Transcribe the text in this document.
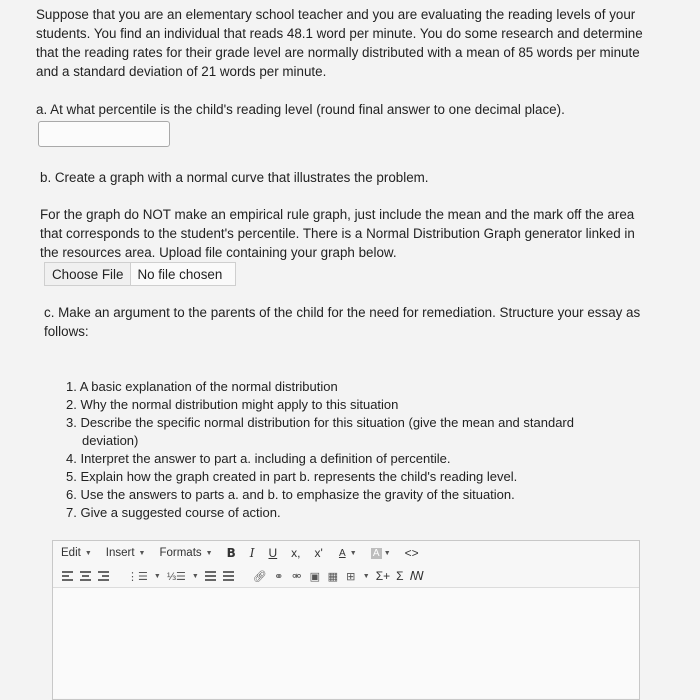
Suppose that you are an elementary school teacher and you are evaluating the reading levels of your students. You find an individual that reads 48.1 word per minute. You do some research and determine that the reading rates for their grade level are normally distributed with a mean of 85 words per minute and a standard deviation of 21 words per minute.

a. At what percentile is the child's reading level (round final answer to one decimal place).

b. Create a graph with a normal curve that illustrates the problem.

For the graph do NOT make an empirical rule graph, just include the mean and the mark off the area that corresponds to the student's percentile. There is a Normal Distribution Graph generator linked in the resources area. Upload file containing your graph below.

Choose File	No file chosen

c. Make an argument to the parents of the child for the need for remediation. Structure your essay as follows:

1. A basic explanation of the normal distribution
2. Why the normal distribution might apply to this situation
3. Describe the specific normal distribution for this situation (give the mean and standard deviation)
4. Interpret the answer to part a. including a definition of percentile.
5. Explain how the graph created in part b. represents the child's reading level.
6. Use the answers to parts a. and b. to emphasize the gravity of the situation.
7. Give a suggested course of action.
Edit ▼ Insert ▼ Formats ▼ B I U x, x' A ▼ A ▼ <>
⋮☰ ▼ ⅓☰ ▼	🔗︎ ⚭ ⚮ ▣ ▦ ⊞ ▼ Σ+ Σ ꟿ
